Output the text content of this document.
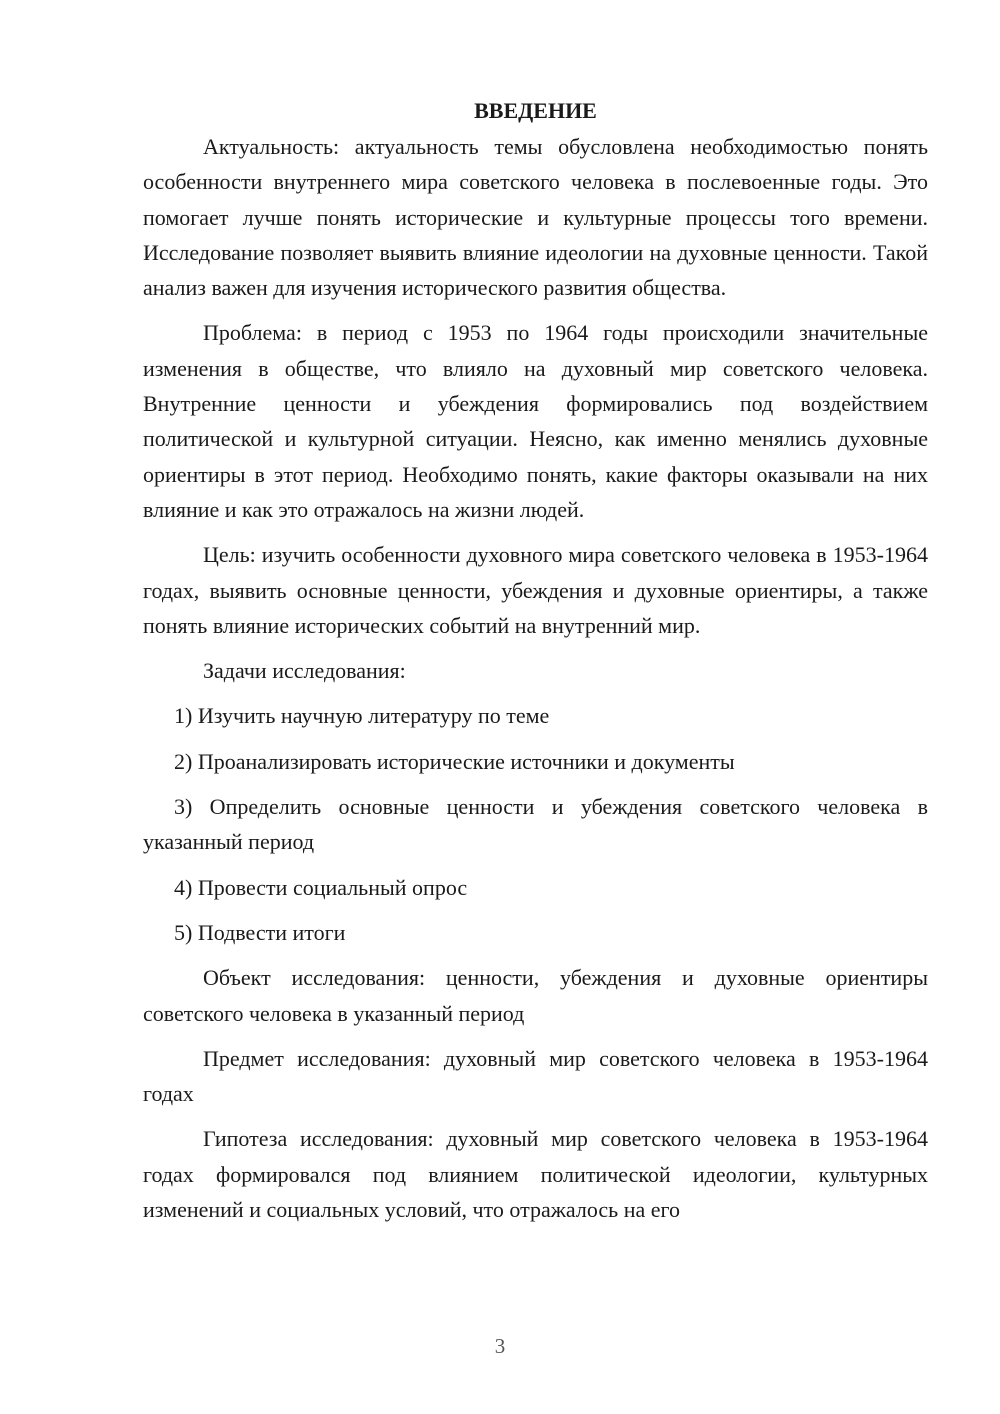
ВВЕДЕНИЕ

Актуальность: актуальность темы обусловлена необходимостью понять особенности внутреннего мира советского человека в послевоенные годы. Это помогает лучше понять исторические и культурные процессы того времени. Исследование позволяет выявить влияние идеологии на духовные ценности. Такой анализ важен для изучения исторического развития общества.

Проблема: в период с 1953 по 1964 годы происходили значительные изменения в обществе, что влияло на духовный мир советского человека. Внутренние ценности и убеждения формировались под воздействием политической и культурной ситуации. Неясно, как именно менялись духовные ориентиры в этот период. Необходимо понять, какие факторы оказывали на них влияние и как это отражалось на жизни людей.

Цель: изучить особенности духовного мира советского человека в 1953-1964 годах, выявить основные ценности, убеждения и духовные ориентиры, а также понять влияние исторических событий на внутренний мир.

Задачи исследования:

1) Изучить научную литературу по теме

2) Проанализировать исторические источники и документы

3) Определить основные ценности и убеждения советского человека в указанный период

4) Провести социальный опрос

5) Подвести итоги

Объект исследования: ценности, убеждения и духовные ориентиры советского человека в указанный период

Предмет исследования: духовный мир советского человека в 1953-1964 годах

Гипотеза исследования: духовный мир советского человека в 1953-1964 годах формировался под влиянием политической идеологии, культурных изменений и социальных условий, что отражалось на его

3
